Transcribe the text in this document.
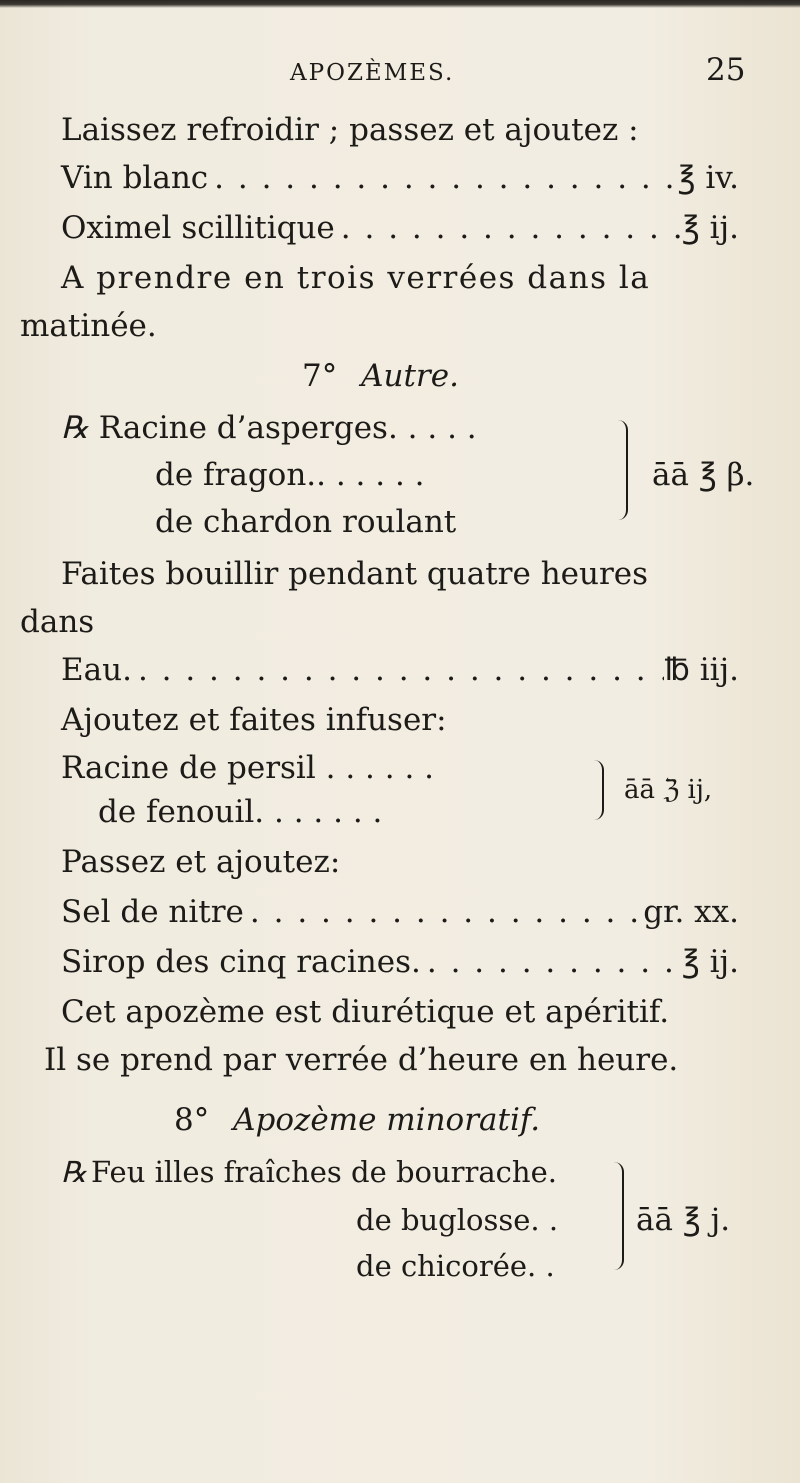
APOZÈMES.	25
Laissez refroidir ; passez et ajoutez :
Vin blanc . . .	℥ iv.
Oximel scillitique . . .	℥ ij.
A prendre en trois verrées dans la
matinée.
7° Autre.
℞ Racine d’asperges. . . . .
de fragon.. . . . . .
de chardon roulant
āā ℥ β.
Faites bouillir pendant quatre heures
dans
Eau. . . .	℔ iij.
Ajoutez et faites infuser:
Racine de persil . . . . . .
de fenouil. . . . . . .
āā ℨ ij,
Passez et ajoutez:
Sel de nitre . . .	gr. xx.
Sirop des cinq racines. . . .	℥ ij.
Cet apozème est diurétique et apéritif.
Il se prend par verrée d’heure en heure.
8° Apozème minoratif.
℞ Feu illes fraîches de bourrache.
de buglosse. .
de chicorée. .
āā ℥ j.
